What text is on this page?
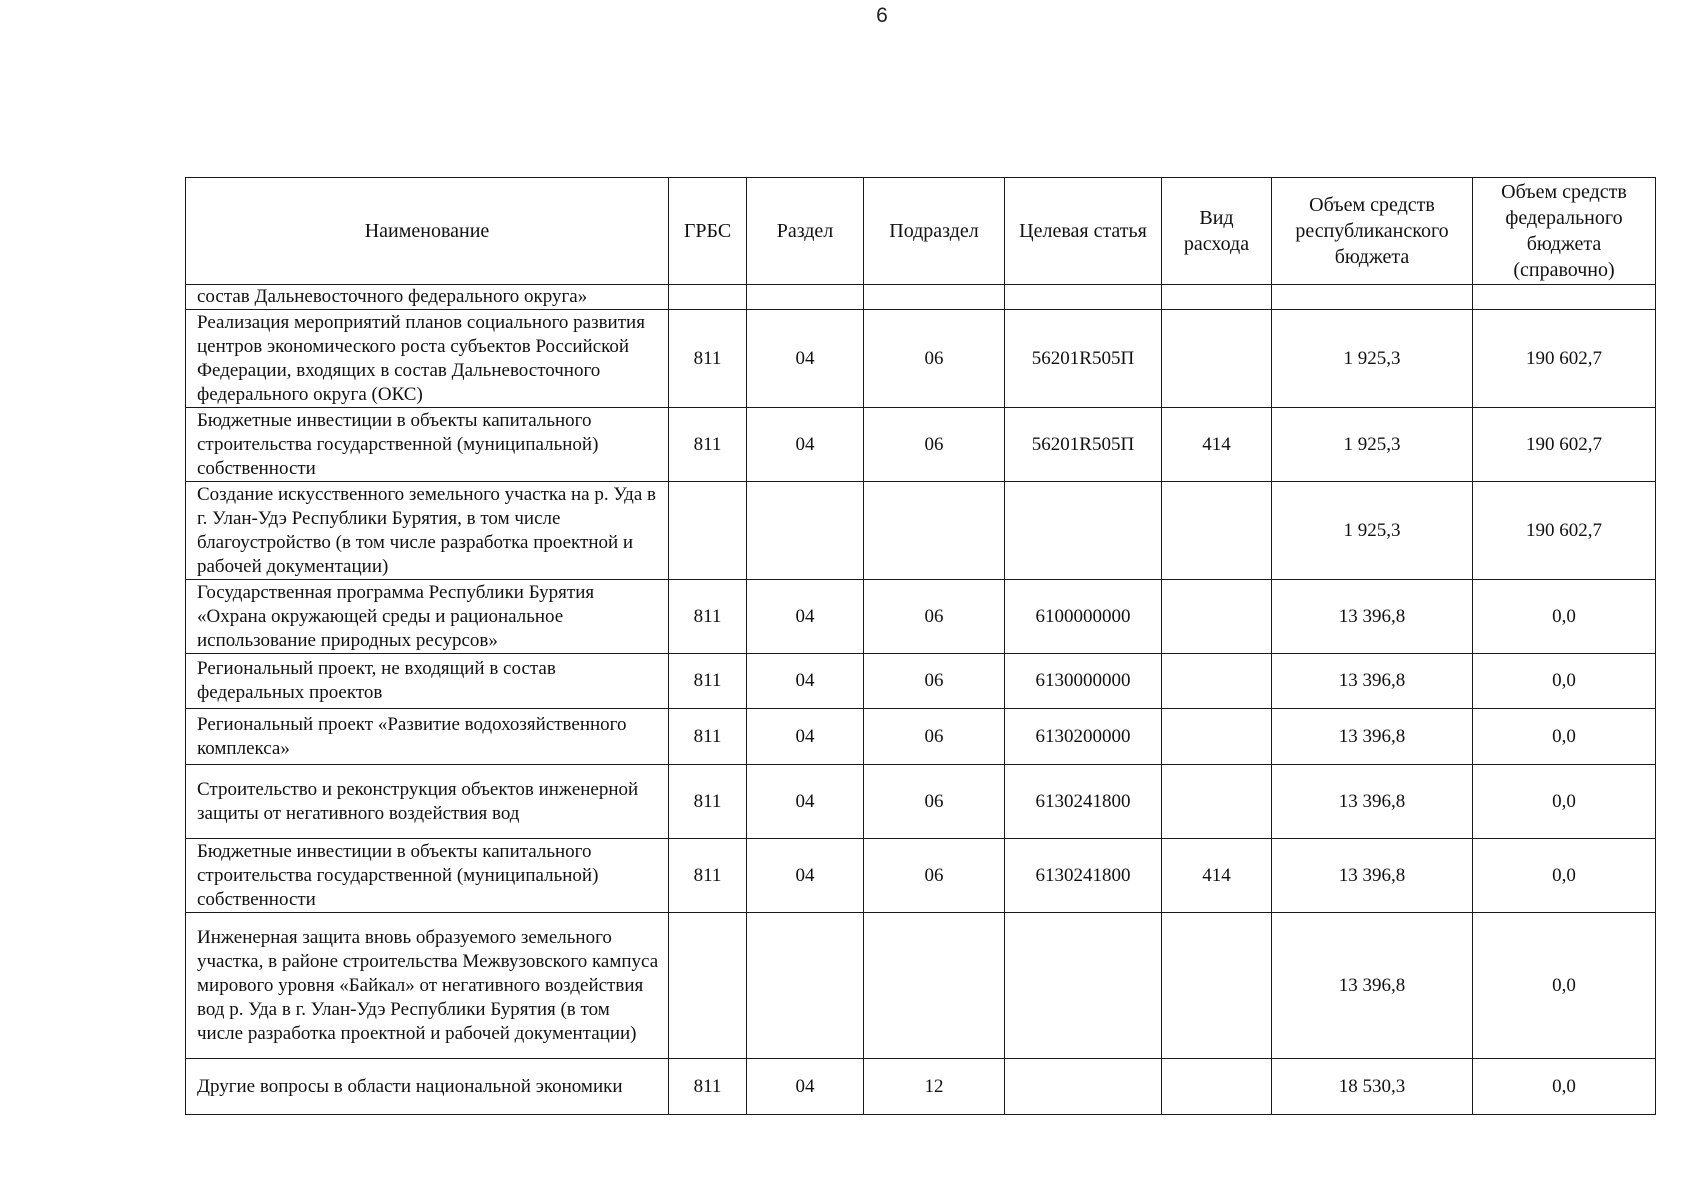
6
Наименование	ГРБС	Раздел	Подраздел	Целевая статья	Вид расхода	Объем средств республиканского бюджета	Объем средств федерального бюджета (справочно)
состав Дальневосточного федерального округа»							
Реализация мероприятий планов социального развития центров экономического роста субъектов Российской Федерации, входящих в состав Дальневосточного федерального округа (ОКС)	811	04	06	56201R505П		1 925,3	190 602,7
Бюджетные инвестиции в объекты капитального строительства государственной (муниципальной) собственности	811	04	06	56201R505П	414	1 925,3	190 602,7
Создание искусственного земельного участка на р. Уда в г. Улан-Удэ Республики Бурятия, в том числе благоустройство (в том числе разработка проектной и рабочей документации)						1 925,3	190 602,7
Государственная программа Республики Бурятия «Охрана окружающей среды и рациональное использование природных ресурсов»	811	04	06	6100000000		13 396,8	0,0
Региональный проект, не входящий в состав федеральных проектов	811	04	06	6130000000		13 396,8	0,0
Региональный проект «Развитие водохозяйственного комплекса»	811	04	06	6130200000		13 396,8	0,0
Строительство и реконструкция объектов инженерной защиты от негативного воздействия вод	811	04	06	6130241800		13 396,8	0,0
Бюджетные инвестиции в объекты капитального строительства государственной (муниципальной) собственности	811	04	06	6130241800	414	13 396,8	0,0
Инженерная защита вновь образуемого земельного участка, в районе строительства Межвузовского кампуса мирового уровня «Байкал» от негативного воздействия вод р. Уда в г. Улан-Удэ Республики Бурятия (в том числе разработка проектной и рабочей документации)						13 396,8	0,0
Другие вопросы в области национальной экономики	811	04	12			18 530,3	0,0
